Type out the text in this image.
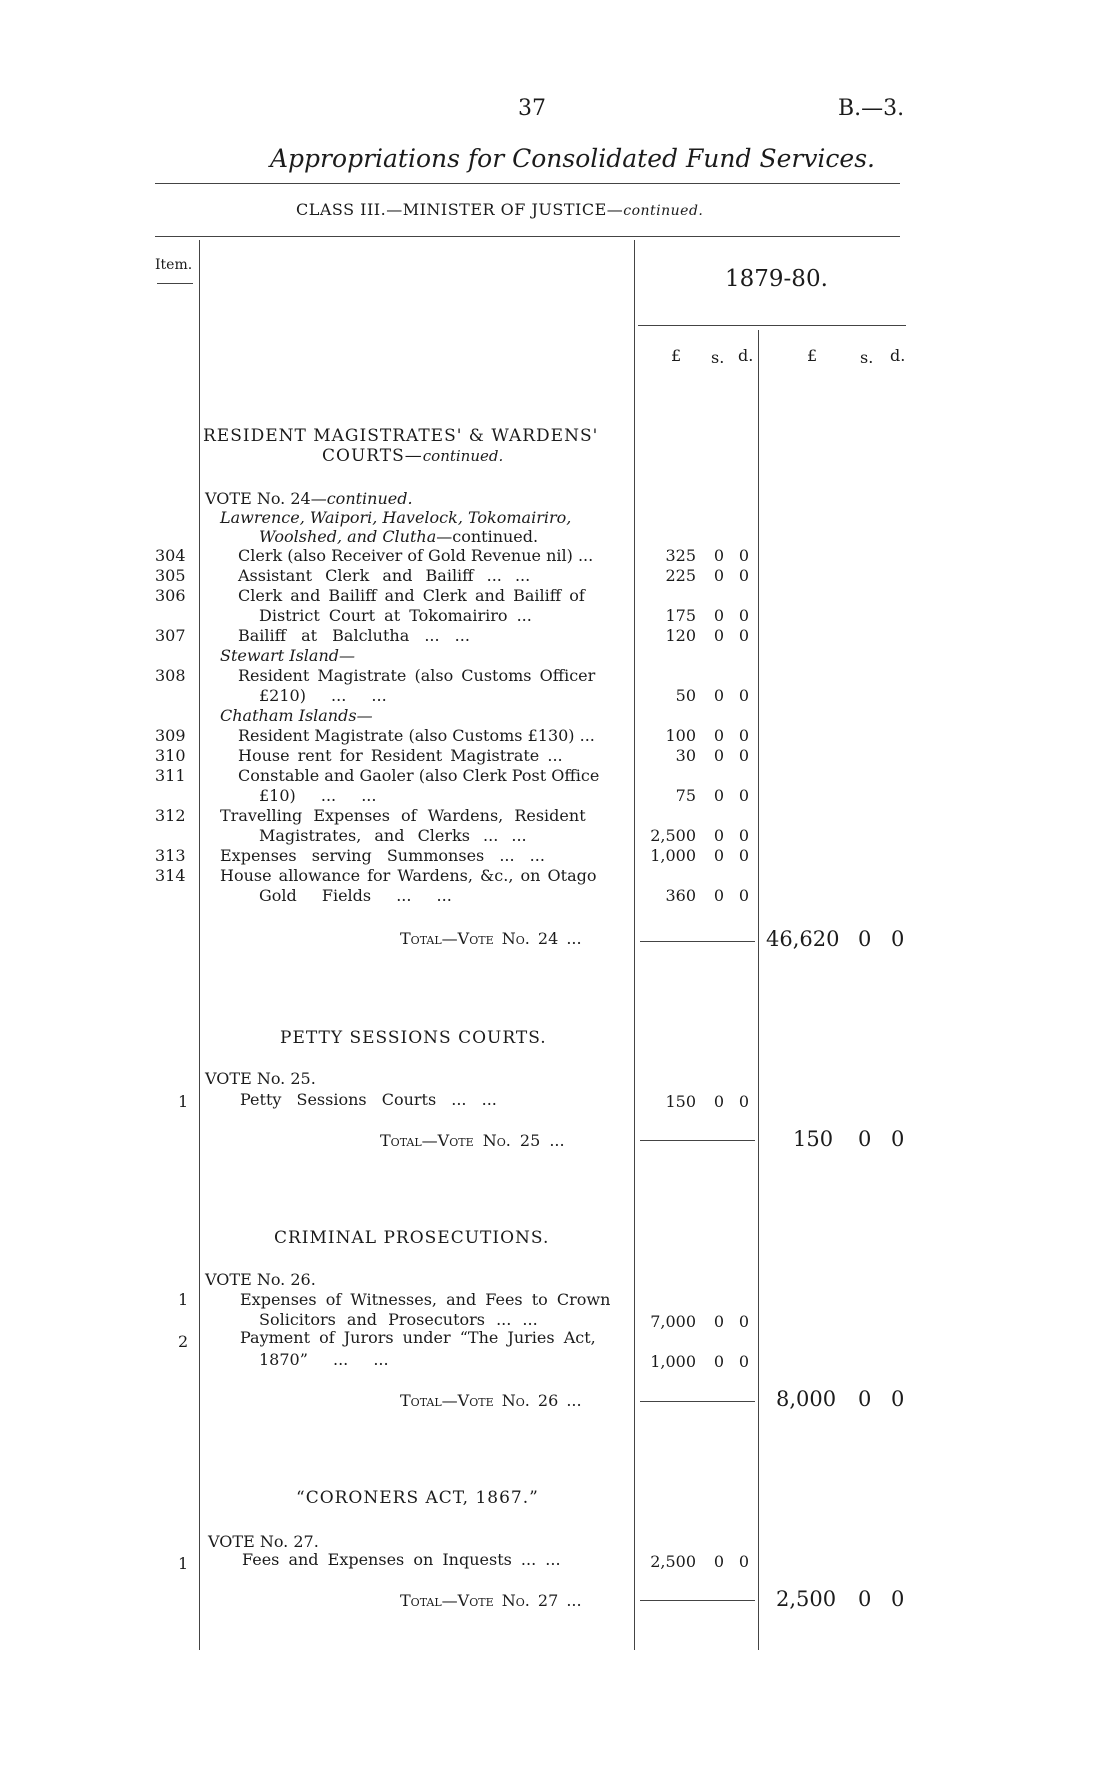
37	B.—3.
Appropriations for Consolidated Fund Services.
CLASS III.—MINISTER OF JUSTICE—continued.
Item.
1879-80.
£ s. d.	£	s. d.
RESIDENT MAGISTRATES' & WARDENS'
COURTS—continued.
VOTE No. 24—continued.
Lawrence, Waipori, Havelock, Tokomairiro,
Woolshed, and Clutha—continued.
304	Clerk (also Receiver of Gold Revenue nil) ...	325 0 0
305	Assistant Clerk and Bailiff ... ...	225 0 0
306	Clerk and Bailiff and Clerk and Bailiff of
District Court at Tokomairiro ...	175 0 0
307	Bailiff at Balclutha ... ...	120 0 0
Stewart Island—
308	Resident Magistrate (also Customs Officer
£210) ... ...	50 0 0
Chatham Islands—
309	Resident Magistrate (also Customs £130) ...	100 0 0
310	House rent for Resident Magistrate ...	30 0 0
311	Constable and Gaoler (also Clerk Post Office
£10) ... ...	75 0 0
312 Travelling Expenses of Wardens, Resident
Magistrates, and Clerks ... ...	2,500 0 0
313 Expenses serving Summonses ... ...	1,000 0 0
314 House allowance for Wardens, &c., on Otago
Gold Fields ... ...	360 0 0
Total—Vote No. 24 ...	46,620 0 0
PETTY SESSIONS COURTS.
VOTE No. 25.
1	Petty Sessions Courts ... ...	150 0 0
Total—Vote No. 25 ...	150 0 0
CRIMINAL PROSECUTIONS.
VOTE No. 26.
1	Expenses of Witnesses, and Fees to Crown
Solicitors and Prosecutors ... ...	7,000 0 0
2	Payment of Jurors under “The Juries Act,
1870” ... ...	1,000 0 0
Total—Vote No. 26 ...	8,000 0 0
“CORONERS ACT, 1867.”
VOTE No. 27.
1	Fees and Expenses on Inquests ... ...	2,500 0 0
Total—Vote No. 27 ...	2,500 0 0
